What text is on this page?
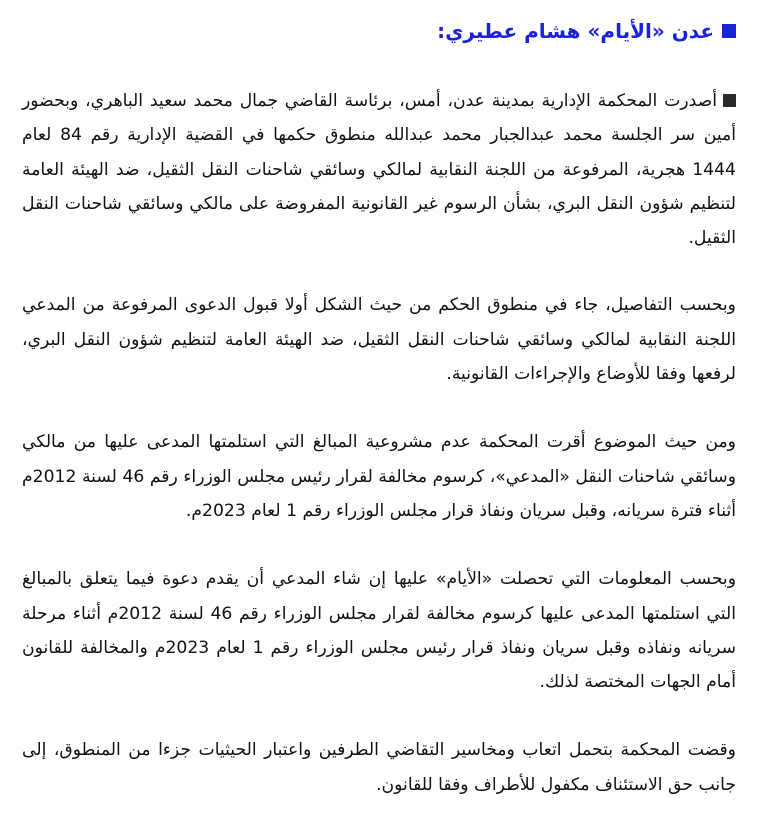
عدن «الأيام» هشام عطيري:

أصدرت المحكمة الإدارية بمدينة عدن، أمس، برئاسة القاضي جمال محمد سعيد الباهري، وبحضور أمين سر الجلسة محمد عبدالجبار محمد عبدالله منطوق حكمها في القضية الإدارية رقم 84 لعام 1444 هجرية، المرفوعة من اللجنة النقابية لمالكي وسائقي شاحنات النقل الثقيل، ضد الهيئة العامة لتنظيم شؤون النقل البري، بشأن الرسوم غير القانونية المفروضة على مالكي وسائقي شاحنات النقل الثقيل.

وبحسب التفاصيل، جاء في منطوق الحكم من حيث الشكل أولا قبول الدعوى المرفوعة من المدعي اللجنة النقابية لمالكي وسائقي شاحنات النقل الثقيل، ضد الهيئة العامة لتنظيم شؤون النقل البري، لرفعها وفقا للأوضاع والإجراءات القانونية.

ومن حيث الموضوع أقرت المحكمة عدم مشروعية المبالغ التي استلمتها المدعى عليها من مالكي وسائقي شاحنات النقل «المدعي»، كرسوم مخالفة لقرار رئيس مجلس الوزراء رقم 46 لسنة 2012م أثناء فترة سريانه، وقبل سريان ونفاذ قرار مجلس الوزراء رقم 1 لعام 2023م.

وبحسب المعلومات التي تحصلت «الأيام» عليها إن شاء المدعي أن يقدم دعوة فيما يتعلق بالمبالغ التي استلمتها المدعى عليها كرسوم مخالفة لقرار مجلس الوزراء رقم 46 لسنة 2012م أثناء مرحلة سريانه ونفاذه وقبل سريان ونفاذ قرار رئيس مجلس الوزراء رقم 1 لعام 2023م والمخالفة للقانون أمام الجهات المختصة لذلك.

وقضت المحكمة بتحمل اتعاب ومخاسير التقاضي الطرفين واعتبار الحيثيات جزءا من المنطوق، إلى جانب حق الاستئناف مكفول للأطراف وفقا للقانون.
